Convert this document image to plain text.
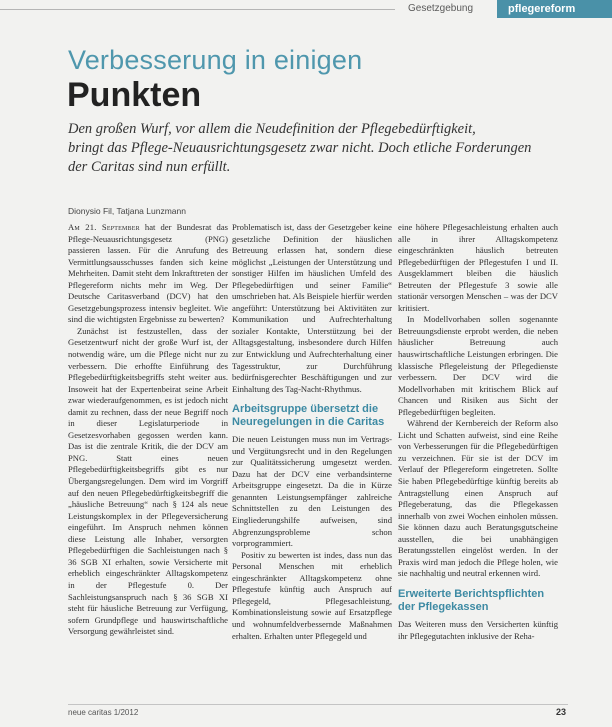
Gesetzgebung	pflegereform
Verbesserung in einigen
Punkten
Den großen Wurf, vor allem die Neudefinition der Pflegebedürftigkeit,
bringt das Pflege-Neuausrichtungsgesetz zwar nicht. Doch etliche Forderungen
der Caritas sind nun erfüllt.
Dionysio Fil, Tatjana Lunzmann

Am 21. September hat der Bundesrat das Pflege-Neuausrichtungsgesetz (PNG) passieren lassen. Für die Anrufung des Vermittlungsausschusses fanden sich keine Mehrheiten. Damit steht dem Inkrafttreten der Pflegereform nichts mehr im Weg. Der Deutsche Caritasverband (DCV) hat den Gesetzgebungsprozess intensiv begleitet. Wie sind die wichtigsten Ergebnisse zu bewerten?

Zunächst ist festzustellen, dass der Gesetzentwurf nicht der große Wurf ist, der notwendig wäre, um die Pflege nicht nur zu verbessern. Die erhoffte Einführung des Pflegebedürftigkeitsbegriffs steht weiter aus. Insoweit hat der Expertenbeirat seine Arbeit zwar wiederaufgenommen, es ist jedoch nicht damit zu rechnen, dass der neue Begriff noch in dieser Legislaturperiode in Gesetzesvorhaben gegossen werden kann. Das ist die zentrale Kritik, die der DCV am PNG. Statt eines neuen Pflegebedürftigkeitsbegriffs gibt es nur Übergangsregelungen. Dem wird im Vorgriff auf den neuen Pflegebedürftigkeitsbegriff die „häusliche Betreuung“ nach § 124 als neue Leistungskomplex in der Pflegeversicherung eingeführt. Im Anspruch nehmen können diese Leistung alle Inhaber, versorgten Pflegebedürftigen die Sachleistungen nach § 36 SGB XI erhalten, sowie Versicherte mit erheblich eingeschränkter Alltagskompetenz in der Pflegestufe 0. Der Sachleistungsanspruch nach § 36 SGB XI steht für häusliche Betreuung zur Verfügung, sofern Grundpflege und hauswirtschaftliche Versorgung gewährleistet sind.

Problematisch ist, dass der Gesetzgeber keine gesetzliche Definition der häuslichen Betreuung erlassen hat, sondern diese möglichst „Leistungen der Unterstützung und sonstiger Hilfen im häuslichen Umfeld des Pflegebedürftigen und seiner Familie“ umschrieben hat. Als Beispiele hierfür werden angeführt: Unterstützung bei Aktivitäten zur Kommunikation und Aufrechterhaltung sozialer Kontakte, Unterstützung bei der Alltagsgestaltung, insbesondere durch Hilfen zur Entwicklung und Aufrechterhaltung einer Tagesstruktur, zur Durchführung bedürfnisgerechter Beschäftigungen und zur Einhaltung des Tag-Nacht-Rhythmus.

Arbeitsgruppe übersetzt die Neuregelungen in die Caritas

Die neuen Leistungen muss nun im Vertrags- und Vergütungsrecht und in den Regelungen zur Qualitätssicherung umgesetzt werden. Dazu hat der DCV eine verbandsinterne Arbeitsgruppe eingesetzt. Da die in Kürze genannten Leistungsempfänger zahlreiche Schnittstellen zu den Leistungen des Eingliederungshilfe aufweisen, sind Abgrenzungsprobleme schon vorprogrammiert.

Positiv zu bewerten ist indes, dass nun das Personal Menschen mit erheblich eingeschränkter Alltagskompetenz ohne Pflegestufe künftig auch Anspruch auf Pflegegeld, Pflegesachleistung, Kombinationsleistung sowie auf Ersatzpflege und wohnumfeldverbessernde Maßnahmen erhalten. Erhalten unter Pflegegeld und

eine höhere Pflegesachleistung erhalten auch alle in ihrer Alltagskompetenz eingeschränkten häuslich betreuten Pflegebedürftigen der Pflegestufen I und II. Ausgeklammert bleiben die häuslich Betreuten der Pflegestufe 3 sowie alle stationär versorgen Menschen – was der DCV kritisiert.

In Modellvorhaben sollen sogenannte Betreuungsdienste erprobt werden, die neben häuslicher Betreuung auch hauswirtschaftliche Leistungen erbringen. Die klassische Pflegeleistung der Pflegedienste verbessern. Der DCV wird die Modellvorhaben mit kritischem Blick auf Chancen und Risiken aus Sicht der Pflegebedürftigen begleiten.

Während der Kernbereich der Reform also Licht und Schatten aufweist, sind eine Reihe von Verbesserungen für die Pflegebedürftigen zu verzeichnen. Für sie ist der DCV im Verlauf der Pflegereform eingetreten. Sollte Sie haben Pflegebedürftige künftig bereits ab Antragstellung einen Anspruch auf Pflegeberatung, das die Pflegekassen innerhalb von zwei Wochen einholen müssen. Sie können dazu auch Beratungsgutscheine ausstellen, die bei unabhängigen Beratungsstellen eingelöst werden. In der Praxis wird man jedoch die Pflege holen, wie sie nachhaltig und neutral erkennen wird.

Erweiterte Berichtspflichten der Pflegekassen

Das Weiteren muss den Versicherten künftig ihr Pflegegutachten inklusive der Reha-

neue caritas 1/2012	23
